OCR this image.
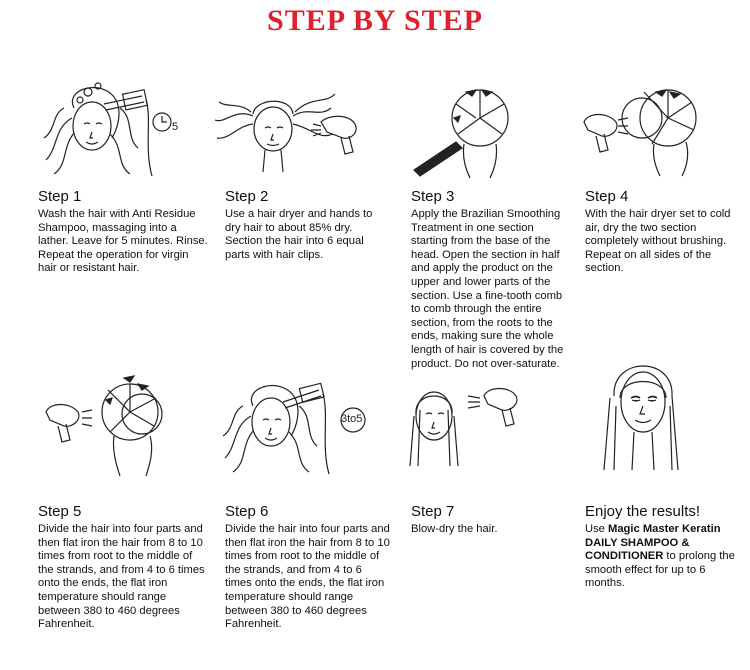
STEP BY STEP
5
3to5
Step 1
Wash the hair with Anti Residue Shampoo, massaging into a lather. Leave for 5 minutes. Rinse. Repeat the operation for virgin hair or resistant hair.
Step 2
Use a hair dryer and hands to dry hair to about 85% dry. Section the hair into 6 equal parts with hair clips.
Step 3
Apply the Brazilian Smoothing Treatment in one section starting from the base of the head. Open the section in half and apply the product on the upper and lower parts of the section. Use a fine-tooth comb to comb through the entire section, from the roots to the ends, making sure the whole length of hair is covered by the product. Do not over-saturate.
Step 4
With the hair dryer set to cold air, dry the two section completely without brushing. Repeat on all sides of the section.
Step 5
Divide the hair into four parts and then flat iron the hair from 8 to 10 times from root to the middle of the strands, and from 4 to 6 times onto the ends, the flat iron temperature should range between 380 to 460 degrees Fahrenheit.
Step 6
Divide the hair into four parts and then flat iron the hair from 8 to 10 times from root to the middle of the strands, and from 4 to 6 times onto the ends, the flat iron temperature should range between 380 to 460 degrees Fahrenheit.
Step 7
Blow-dry the hair.
Enjoy the results!
Use Magic Master Keratin DAILY SHAMPOO & CONDITIONER to prolong the smooth effect for up to 6 months.
